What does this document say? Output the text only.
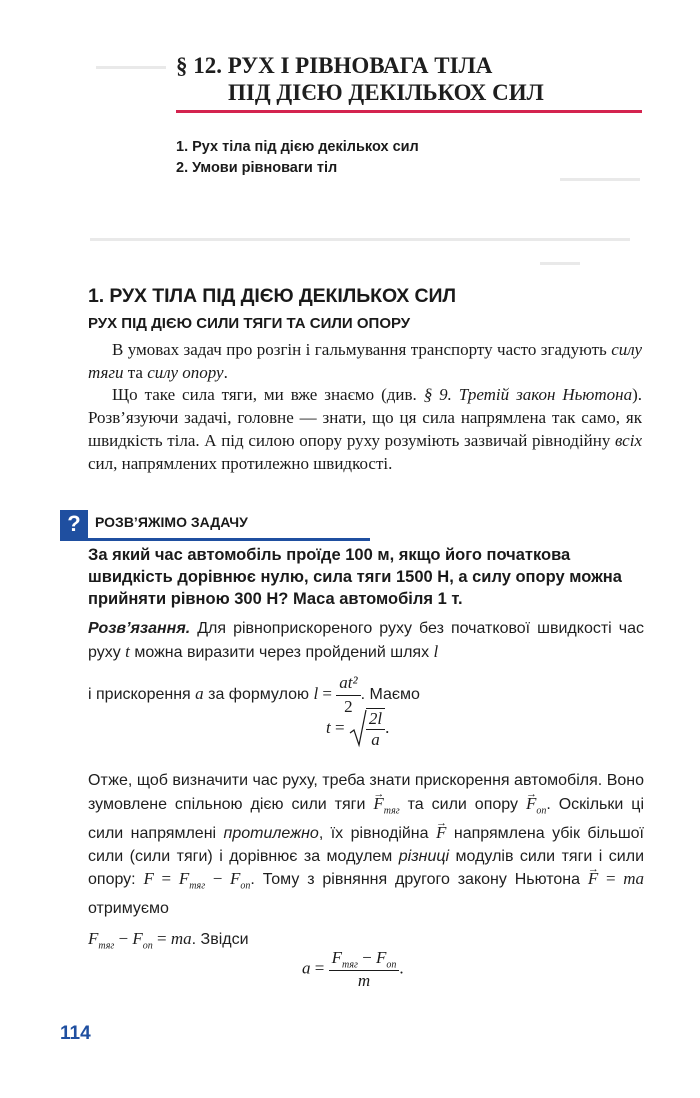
§ 12. РУХ І РІВНОВАГА ТІЛА
ПІД ДІЄЮ ДЕКІЛЬКОХ СИЛ
1. Рух тіла під дією декількох сил
2. Умови рівноваги тіл
1. РУХ ТІЛА ПІД ДІЄЮ ДЕКІЛЬКОХ СИЛ
РУХ ПІД ДІЄЮ СИЛИ ТЯГИ ТА СИЛИ ОПОРУ
В умовах задач про розгін і гальмування транспорту часто згадують силу тяги та силу опору.
Що таке сила тяги, ми вже знаємо (див. § 9. Третій закон Ньютона). Розв’язуючи задачі, головне — знати, що ця сила напрямлена так само, як швидкість тіла. А під силою опору руху розуміють зазвичай рівнодійну всіх сил, напрямлених протилежно швидкості.
?	РОЗВ’ЯЖІМО ЗАДАЧУ
За який час автомобіль проїде 100 м, якщо його початкова швидкість дорівнює нулю, сила тяги 1500 Н, а силу опору можна прийняти рівною 300 Н? Маса автомобіля 1 т.
Розв’язання. Для рівноприскореного руху без початкової швидкості час руху t можна виразити через пройдений шлях l
і прискорення a за формулою $l = \frac{\text{at²}}{2}$ . Маємо
$t = \frac{2l}{a}$ .
Отже, щоб визначити час руху, треба знати прискорення автомобіля. Воно зумовлене спільною дією сили тяги → $F_{тяг}$ та сили опору → $F_{оп}$. Оскільки ці сили напрямлені протилежно, їх рівнодійна → F напрямлена убік більшої сили (сили тяги) і дорівнює за модулем різниці модулів сили тяги і сили опору: $F = F_{тяг} - F_{оп}$. Тому з рівняння другого закону Ньютона → F = ma отримуємо
$F_{тяг} - F_{оп}$ = ma. Звідси
$a = \frac{F_{тяг} - F_{оп}}{m}$ .
114
